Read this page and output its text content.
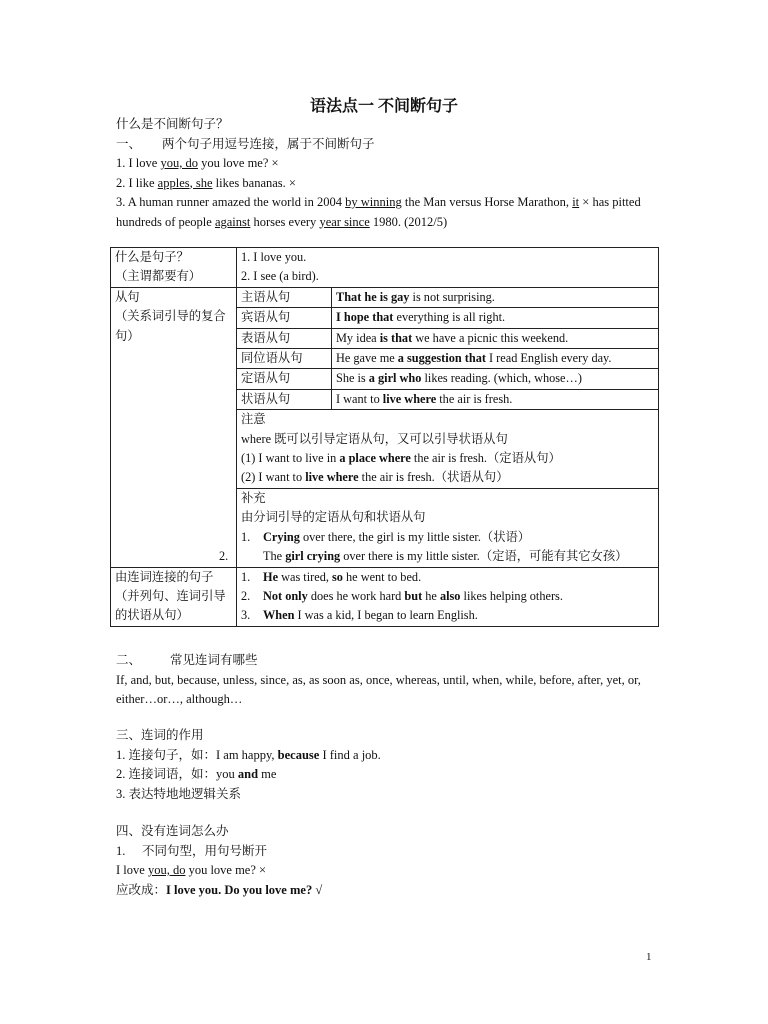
语法点一 不间断句子
什么是不间断句子？
一、 两个句子用逗号连接，属于不间断句子
1. I love you, do you love me? ×
2. I like apples, she likes bananas. ×
3. A human runner amazed the world in 2004 by winning the Man versus Horse Marathon, it × has pitted hundreds of people against horses every year since 1980. (2012/5)
什么是句子？
（主谓都要有）	1. I love you.
2. I see (a bird).	

从句
（关系词引导的复合句）	主语从句	That he is gay is not surprising.
	宾语从句	I hope that everything is all right.
	表语从句	My idea is that we have a picnic this weekend.
	同位语从句	He gave me a suggestion that I read English every day.
	定语从句	She is a girl who likes reading. (which, whose…)
	状语从句	I want to live where the air is fresh.

	注意
where 既可以引导定语从句，又可以引导状语从句
(1) I want to live in a place where the air is fresh.（定语从句）
(2) I want to live where the air is fresh.（状语从句）	

	补充
由分词引导的定语从句和状语从句
1. Crying over there, the girl is my little sister.（状语）
2. The girl crying over there is my little sister.（定语，可能有其它女孩）	

由连词连接的句子
（并列句、连词引导的状语从句）	1. He was tired, so he went to bed.
2. Not only does he work hard but he also likes helping others.
3. When I was a kid, I began to learn English.	
二、 常见连词有哪些
If, and, but, because, unless, since, as, as soon as, once, whereas, until, when, while, before, after, yet, or, either…or…, although…
三、连词的作用
1. 连接句子，如：I am happy, because I find a job.
2. 连接词语，如：you and me
3. 表达特地地逻辑关系
四、没有连词怎么办
1. 不同句型，用句号断开
I love you, do you love me? ×
应改成：I love you. Do you love me? √
1
